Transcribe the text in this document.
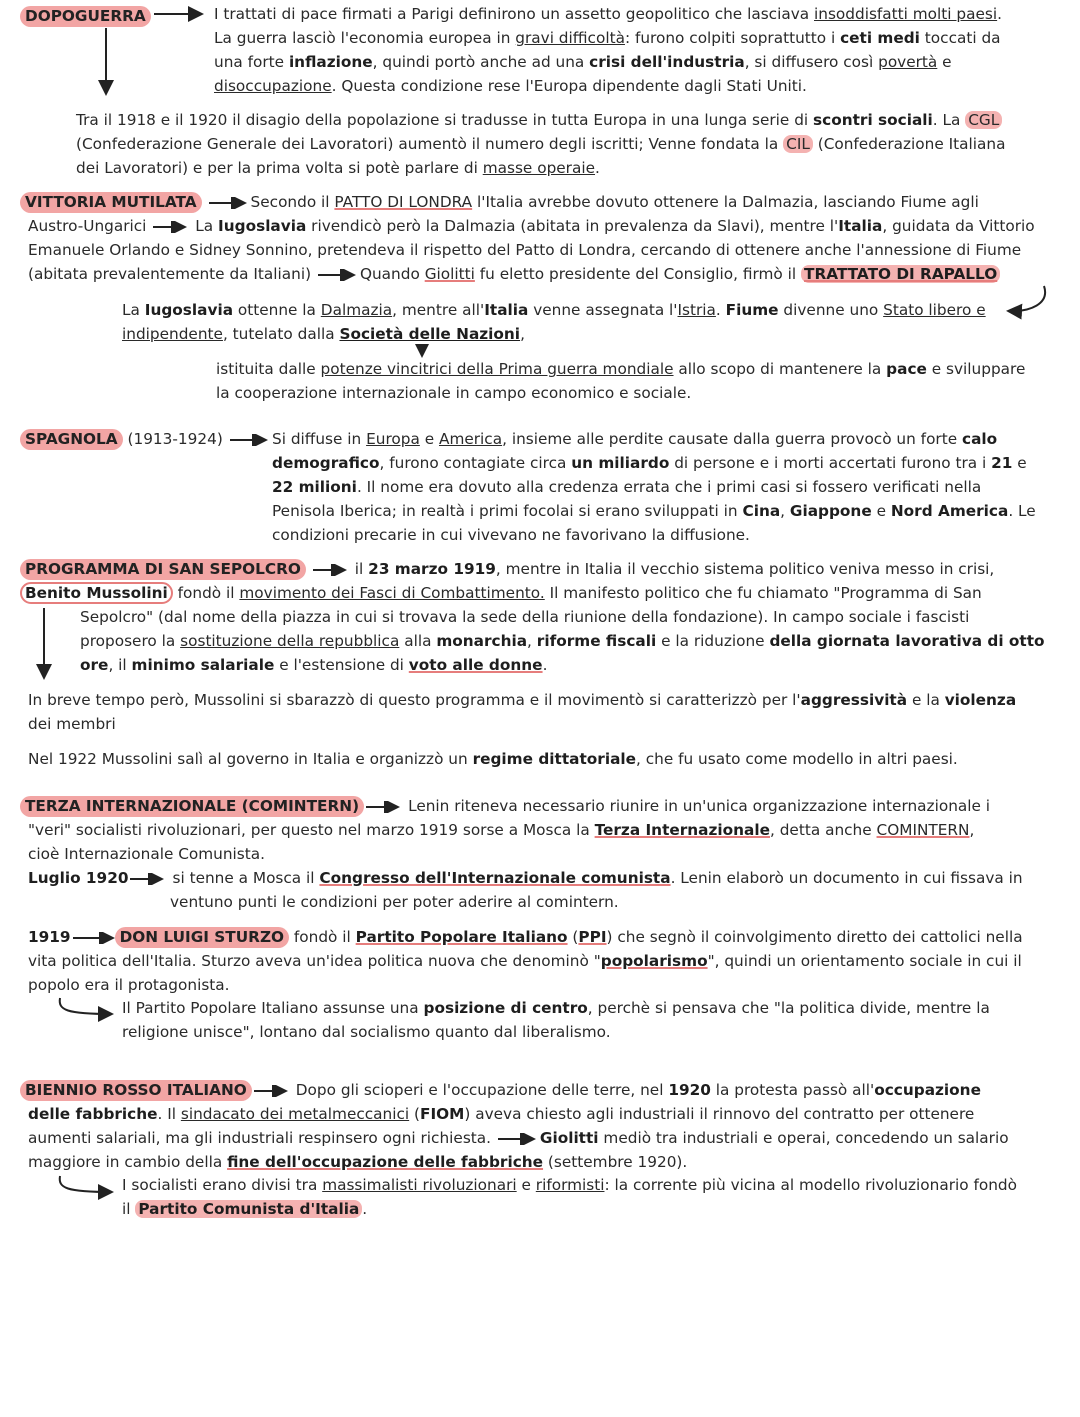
DOPOGUERRA	I trattati di pace firmati a Parigi definirono un assetto geopolitico che lasciava insoddisfatti molti paesi.

La guerra lasciò l'economia europea in gravi difficoltà: furono colpiti soprattutto i ceti medi toccati da

una forte inflazione, quindi portò anche ad una crisi dell'industria, si diffusero così povertà e

disoccupazione. Questa condizione rese l'Europa dipendente dagli Stati Uniti.

Tra il 1918 e il 1920 il disagio della popolazione si tradusse in tutta Europa in una lunga serie di scontri sociali. La CGL

(Confederazione Generale dei Lavoratori) aumentò il numero degli iscritti; Venne fondata la CIL (Confederazione Italiana

dei Lavoratori) e per la prima volta si potè parlare di masse operaie.

VITTORIA MUTILATA	Secondo il PATTO DI LONDRA l'Italia avrebbe dovuto ottenere la Dalmazia, lasciando Fiume agli

Austro-Ungarici	La Iugoslavia rivendicò però la Dalmazia (abitata in prevalenza da Slavi), mentre l'Italia, guidata da Vittorio

Emanuele Orlando e Sidney Sonnino, pretendeva il rispetto del Patto di Londra, cercando di ottenere anche l'annessione di Fiume

(abitata prevalentemente da Italiani)	Quando Giolitti fu eletto presidente del Consiglio, firmò il TRATTATO DI RAPALLO

La Iugoslavia ottenne la Dalmazia, mentre all'Italia venne assegnata l'Istria. Fiume divenne uno Stato libero e

indipendente, tutelato dalla Società delle Nazioni,

istituita dalle potenze vincitrici della Prima guerra mondiale allo scopo di mantenere la pace e sviluppare

la cooperazione internazionale in campo economico e sociale.

SPAGNOLA (1913-1924)	Si diffuse in Europa e America, insieme alle perdite causate dalla guerra provocò un forte calo

demografico, furono contagiate circa un miliardo di persone e i morti accertati furono tra i 21 e

22 milioni. Il nome era dovuto alla credenza errata che i primi casi si fossero verificati nella

Penisola Iberica; in realtà i primi focolai si erano sviluppati in Cina, Giappone e Nord America. Le

condizioni precarie in cui vivevano ne favorivano la diffusione.

PROGRAMMA DI SAN SEPOLCRO	il 23 marzo 1919, mentre in Italia il vecchio sistema politico veniva messo in crisi,

Benito Mussolini fondò il movimento dei Fasci di Combattimento. Il manifesto politico che fu chiamato "Programma di San

Sepolcro" (dal nome della piazza in cui si trovava la sede della riunione della fondazione). In campo sociale i fascisti

proposero la sostituzione della repubblica alla monarchia, riforme fiscali e la riduzione della giornata lavorativa di otto

ore, il minimo salariale e l'estensione di voto alle donne.

In breve tempo però, Mussolini si sbarazzò di questo programma e il movimentò si caratterizzò per l'aggressività e la violenza

dei membri

Nel 1922 Mussolini salì al governo in Italia e organizzò un regime dittatoriale, che fu usato come modello in altri paesi.

TERZA INTERNAZIONALE (COMINTERN)	Lenin riteneva necessario riunire in un'unica organizzazione internazionale i

"veri" socialisti rivoluzionari, per questo nel marzo 1919 sorse a Mosca la Terza Internazionale, detta anche COMINTERN,

cioè Internazionale Comunista.

Luglio 1920	si tenne a Mosca il Congresso dell'Internazionale comunista. Lenin elaborò un documento in cui fissava in

ventuno punti le condizioni per poter aderire al comintern.

1919	DON LUIGI STURZO fondò il Partito Popolare Italiano (PPI) che segnò il coinvolgimento diretto dei cattolici nella

vita politica dell'Italia. Sturzo aveva un'idea politica nuova che denominò "popolarismo", quindi un orientamento sociale in cui il

popolo era il protagonista.

Il Partito Popolare Italiano assunse una posizione di centro, perchè si pensava che "la politica divide, mentre la

religione unisce", lontano dal socialismo quanto dal liberalismo.

BIENNIO ROSSO ITALIANO	Dopo gli scioperi e l'occupazione delle terre, nel 1920 la protesta passò all'occupazione

delle fabbriche. Il sindacato dei metalmeccanici (FIOM) aveva chiesto agli industriali il rinnovo del contratto per ottenere

aumenti salariali, ma gli industriali respinsero ogni richiesta.	Giolitti mediò tra industriali e operai, concedendo un salario

maggiore in cambio della fine dell'occupazione delle fabbriche (settembre 1920).

I socialisti erano divisi tra massimalisti rivoluzionari e riformisti: la corrente più vicina al modello rivoluzionario fondò

il Partito Comunista d'Italia .
